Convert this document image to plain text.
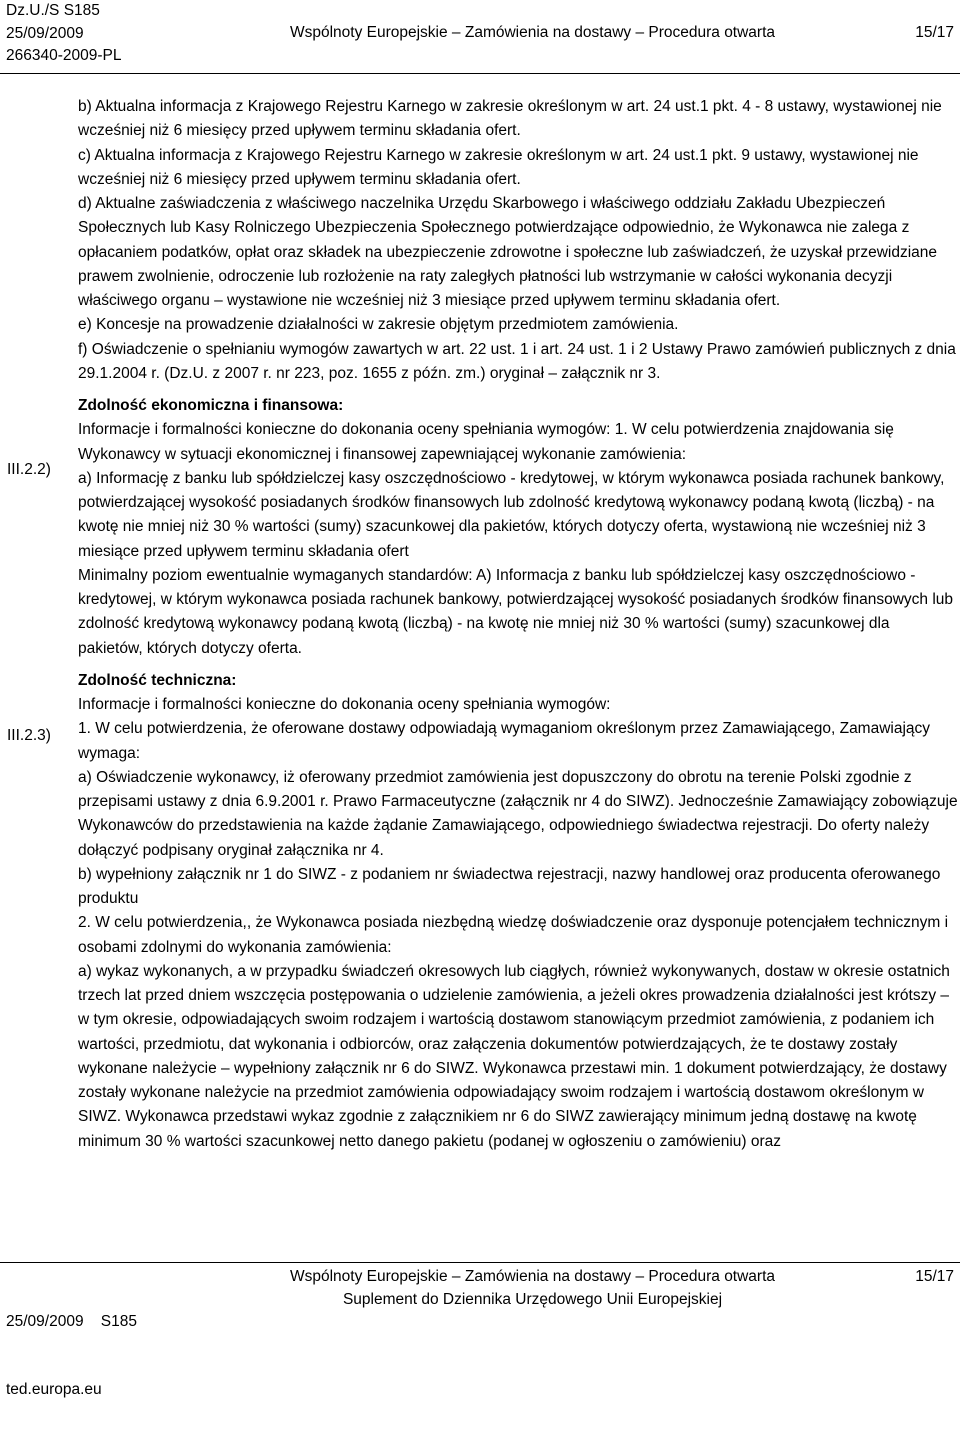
Dz.U./S S185
25/09/2009
266340-2009-PL
Wspólnoty Europejskie – Zamówienia na dostawy – Procedura otwarta	15/17
III.2.2)
III.2.3)

b) Aktualna informacja z Krajowego Rejestru Karnego w zakresie określonym w art. 24 ust.1 pkt. 4 - 8 ustawy, wystawionej nie wcześniej niż 6 miesięcy przed upływem terminu składania ofert.

c) Aktualna informacja z Krajowego Rejestru Karnego w zakresie określonym w art. 24 ust.1 pkt. 9 ustawy, wystawionej nie wcześniej niż 6 miesięcy przed upływem terminu składania ofert.

d) Aktualne zaświadczenia z właściwego naczelnika Urzędu Skarbowego i właściwego oddziału Zakładu Ubezpieczeń Społecznych lub Kasy Rolniczego Ubezpieczenia Społecznego potwierdzające odpowiednio, że Wykonawca nie zalega z opłacaniem podatków, opłat oraz składek na ubezpieczenie zdrowotne i społeczne lub zaświadczeń, że uzyskał przewidziane prawem zwolnienie, odroczenie lub rozłożenie na raty zaległych płatności lub wstrzymanie w całości wykonania decyzji właściwego organu – wystawione nie wcześniej niż 3 miesiące przed upływem terminu składania ofert.

e) Koncesje na prowadzenie działalności w zakresie objętym przedmiotem zamówienia.

f) Oświadczenie o spełnianiu wymogów zawartych w art. 22 ust. 1 i art. 24 ust. 1 i 2 Ustawy Prawo zamówień publicznych z dnia 29.1.2004 r. (Dz.U. z 2007 r. nr 223, poz. 1655 z późn. zm.) oryginał – załącznik nr 3.

Zdolność ekonomiczna i finansowa:

Informacje i formalności konieczne do dokonania oceny spełniania wymogów: 1. W celu potwierdzenia znajdowania się Wykonawcy w sytuacji ekonomicznej i finansowej zapewniającej wykonanie zamówienia:

a) Informację z banku lub spółdzielczej kasy oszczędnościowo - kredytowej, w którym wykonawca posiada rachunek bankowy, potwierdzającej wysokość posiadanych środków finansowych lub zdolność kredytową wykonawcy podaną kwotą (liczbą) - na kwotę nie mniej niż 30 % wartości (sumy) szacunkowej dla pakietów, których dotyczy oferta, wystawioną nie wcześniej niż 3 miesiące przed upływem terminu składania ofert

Minimalny poziom ewentualnie wymaganych standardów: A) Informacja z banku lub spółdzielczej kasy oszczędnościowo - kredytowej, w którym wykonawca posiada rachunek bankowy, potwierdzającej wysokość posiadanych środków finansowych lub zdolność kredytową wykonawcy podaną kwotą (liczbą) - na kwotę nie mniej niż 30 % wartości (sumy) szacunkowej dla pakietów, których dotyczy oferta.

Zdolność techniczna:

Informacje i formalności konieczne do dokonania oceny spełniania wymogów:

1. W celu potwierdzenia, że oferowane dostawy odpowiadają wymaganiom określonym przez Zamawiającego, Zamawiający wymaga:

a) Oświadczenie wykonawcy, iż oferowany przedmiot zamówienia jest dopuszczony do obrotu na terenie Polski zgodnie z przepisami ustawy z dnia 6.9.2001 r. Prawo Farmaceutyczne (załącznik nr 4 do SIWZ). Jednocześnie Zamawiający zobowiązuje Wykonawców do przedstawienia na każde żądanie Zamawiającego, odpowiedniego świadectwa rejestracji. Do oferty należy dołączyć podpisany oryginał załącznika nr 4.

b) wypełniony załącznik nr 1 do SIWZ - z podaniem nr świadectwa rejestracji, nazwy handlowej oraz producenta oferowanego produktu

2. W celu potwierdzenia,, że Wykonawca posiada niezbędną wiedzę doświadczenie oraz dysponuje potencjałem technicznym i osobami zdolnymi do wykonania zamówienia:

a) wykaz wykonanych, a w przypadku świadczeń okresowych lub ciągłych, również wykonywanych, dostaw w okresie ostatnich trzech lat przed dniem wszczęcia postępowania o udzielenie zamówienia, a jeżeli okres prowadzenia działalności jest krótszy – w tym okresie, odpowiadających swoim rodzajem i wartością dostawom stanowiącym przedmiot zamówienia, z podaniem ich wartości, przedmiotu, dat wykonania i odbiorców, oraz załączenia dokumentów potwierdzających, że te dostawy zostały wykonane należycie – wypełniony załącznik nr 6 do SIWZ. Wykonawca przestawi min. 1 dokument potwierdzający, że dostawy zostały wykonane należycie na przedmiot zamówienia odpowiadający swoim rodzajem i wartością dostawom określonym w SIWZ. Wykonawca przedstawi wykaz zgodnie z załącznikiem nr 6 do SIWZ zawierający minimum jedną dostawę na kwotę minimum 30 % wartości szacunkowej netto danego pakietu (podanej w ogłoszeniu o zamówieniu) oraz

25/09/2009    S185

ted.europa.eu

Wspólnoty Europejskie – Zamówienia na dostawy – Procedura otwarta
Suplement do Dziennika Urzędowego Unii Europejskiej
15/17
